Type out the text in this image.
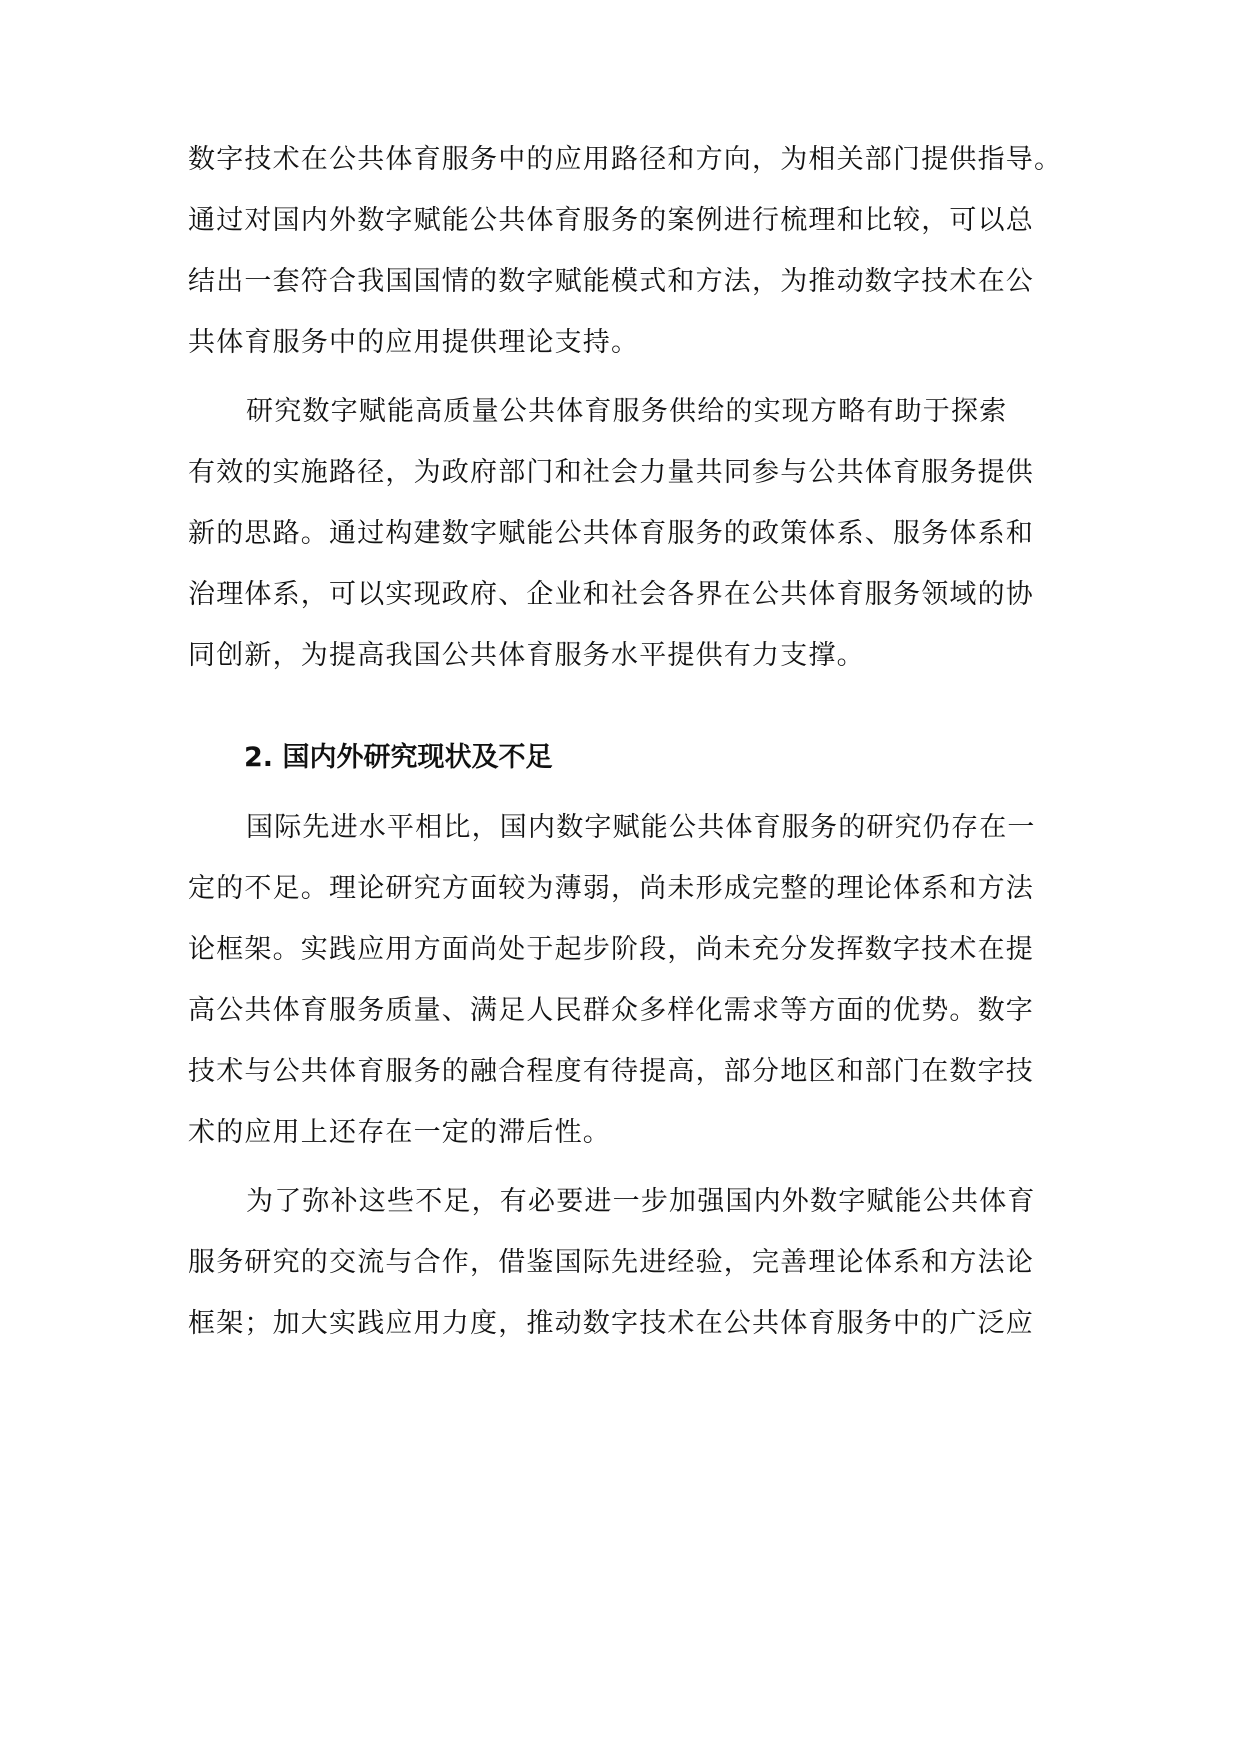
数字技术在公共体育服务中的应用路径和方向，为相关部门提供指导。
通过对国内外数字赋能公共体育服务的案例进行梳理和比较，可以总
结出一套符合我国国情的数字赋能模式和方法，为推动数字技术在公
共体育服务中的应用提供理论支持。
研究数字赋能高质量公共体育服务供给的实现方略有助于探索
有效的实施路径，为政府部门和社会力量共同参与公共体育服务提供
新的思路。通过构建数字赋能公共体育服务的政策体系、服务体系和
治理体系，可以实现政府、企业和社会各界在公共体育服务领域的协
同创新，为提高我国公共体育服务水平提供有力支撑。
2. 国内外研究现状及不足
国际先进水平相比，国内数字赋能公共体育服务的研究仍存在一
定的不足。理论研究方面较为薄弱，尚未形成完整的理论体系和方法
论框架。实践应用方面尚处于起步阶段，尚未充分发挥数字技术在提
高公共体育服务质量、满足人民群众多样化需求等方面的优势。数字
技术与公共体育服务的融合程度有待提高，部分地区和部门在数字技
术的应用上还存在一定的滞后性。
为了弥补这些不足，有必要进一步加强国内外数字赋能公共体育
服务研究的交流与合作，借鉴国际先进经验，完善理论体系和方法论
框架；加大实践应用力度，推动数字技术在公共体育服务中的广泛应
